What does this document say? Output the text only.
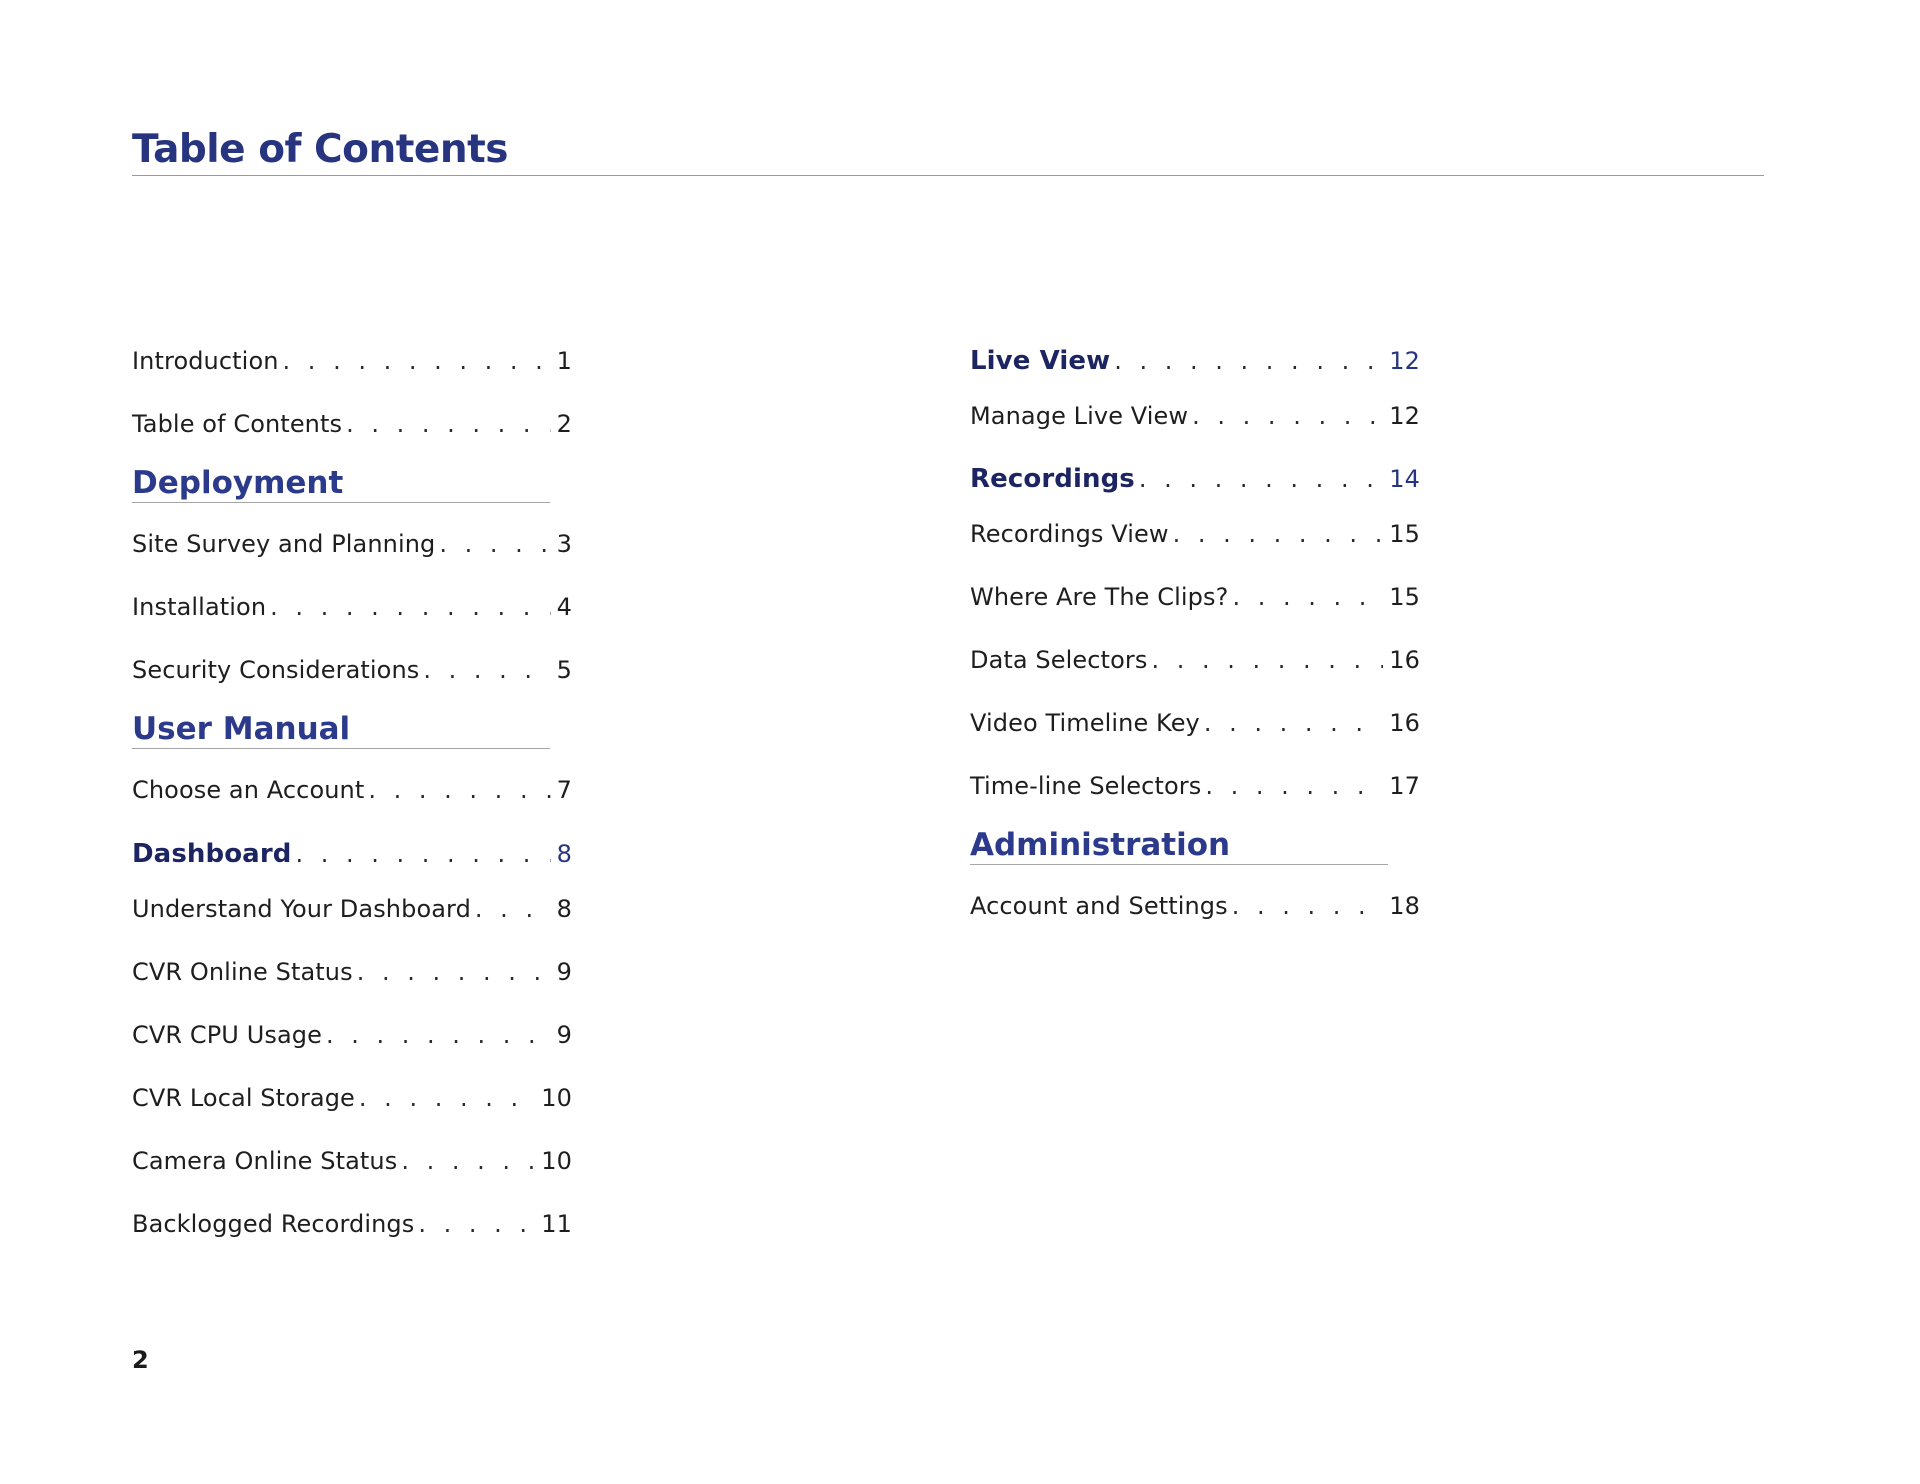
Table of Contents
Introduction . . .	1
Table of Contents . . .	2
Deployment
Site Survey and Planning . . .	3
Installation . . .	4
Security Considerations . . .	5
User Manual
Choose an Account . . .	7
Dashboard . . .	8
Understand Your Dashboard . . .	8
CVR Online Status . . .	9
CVR CPU Usage . . .	9
CVR Local Storage . . .	10
Camera Online Status . . .	10
Backlogged Recordings . . .	11
Live View . . .	12
Manage Live View . . .	12
Recordings . . .	14
Recordings View . . .	15
Where Are The Clips? . . .	15
Data Selectors . . .	16
Video Timeline Key . . .	16
Time-line Selectors . . .	17
Administration
Account and Settings . . .	18
2
